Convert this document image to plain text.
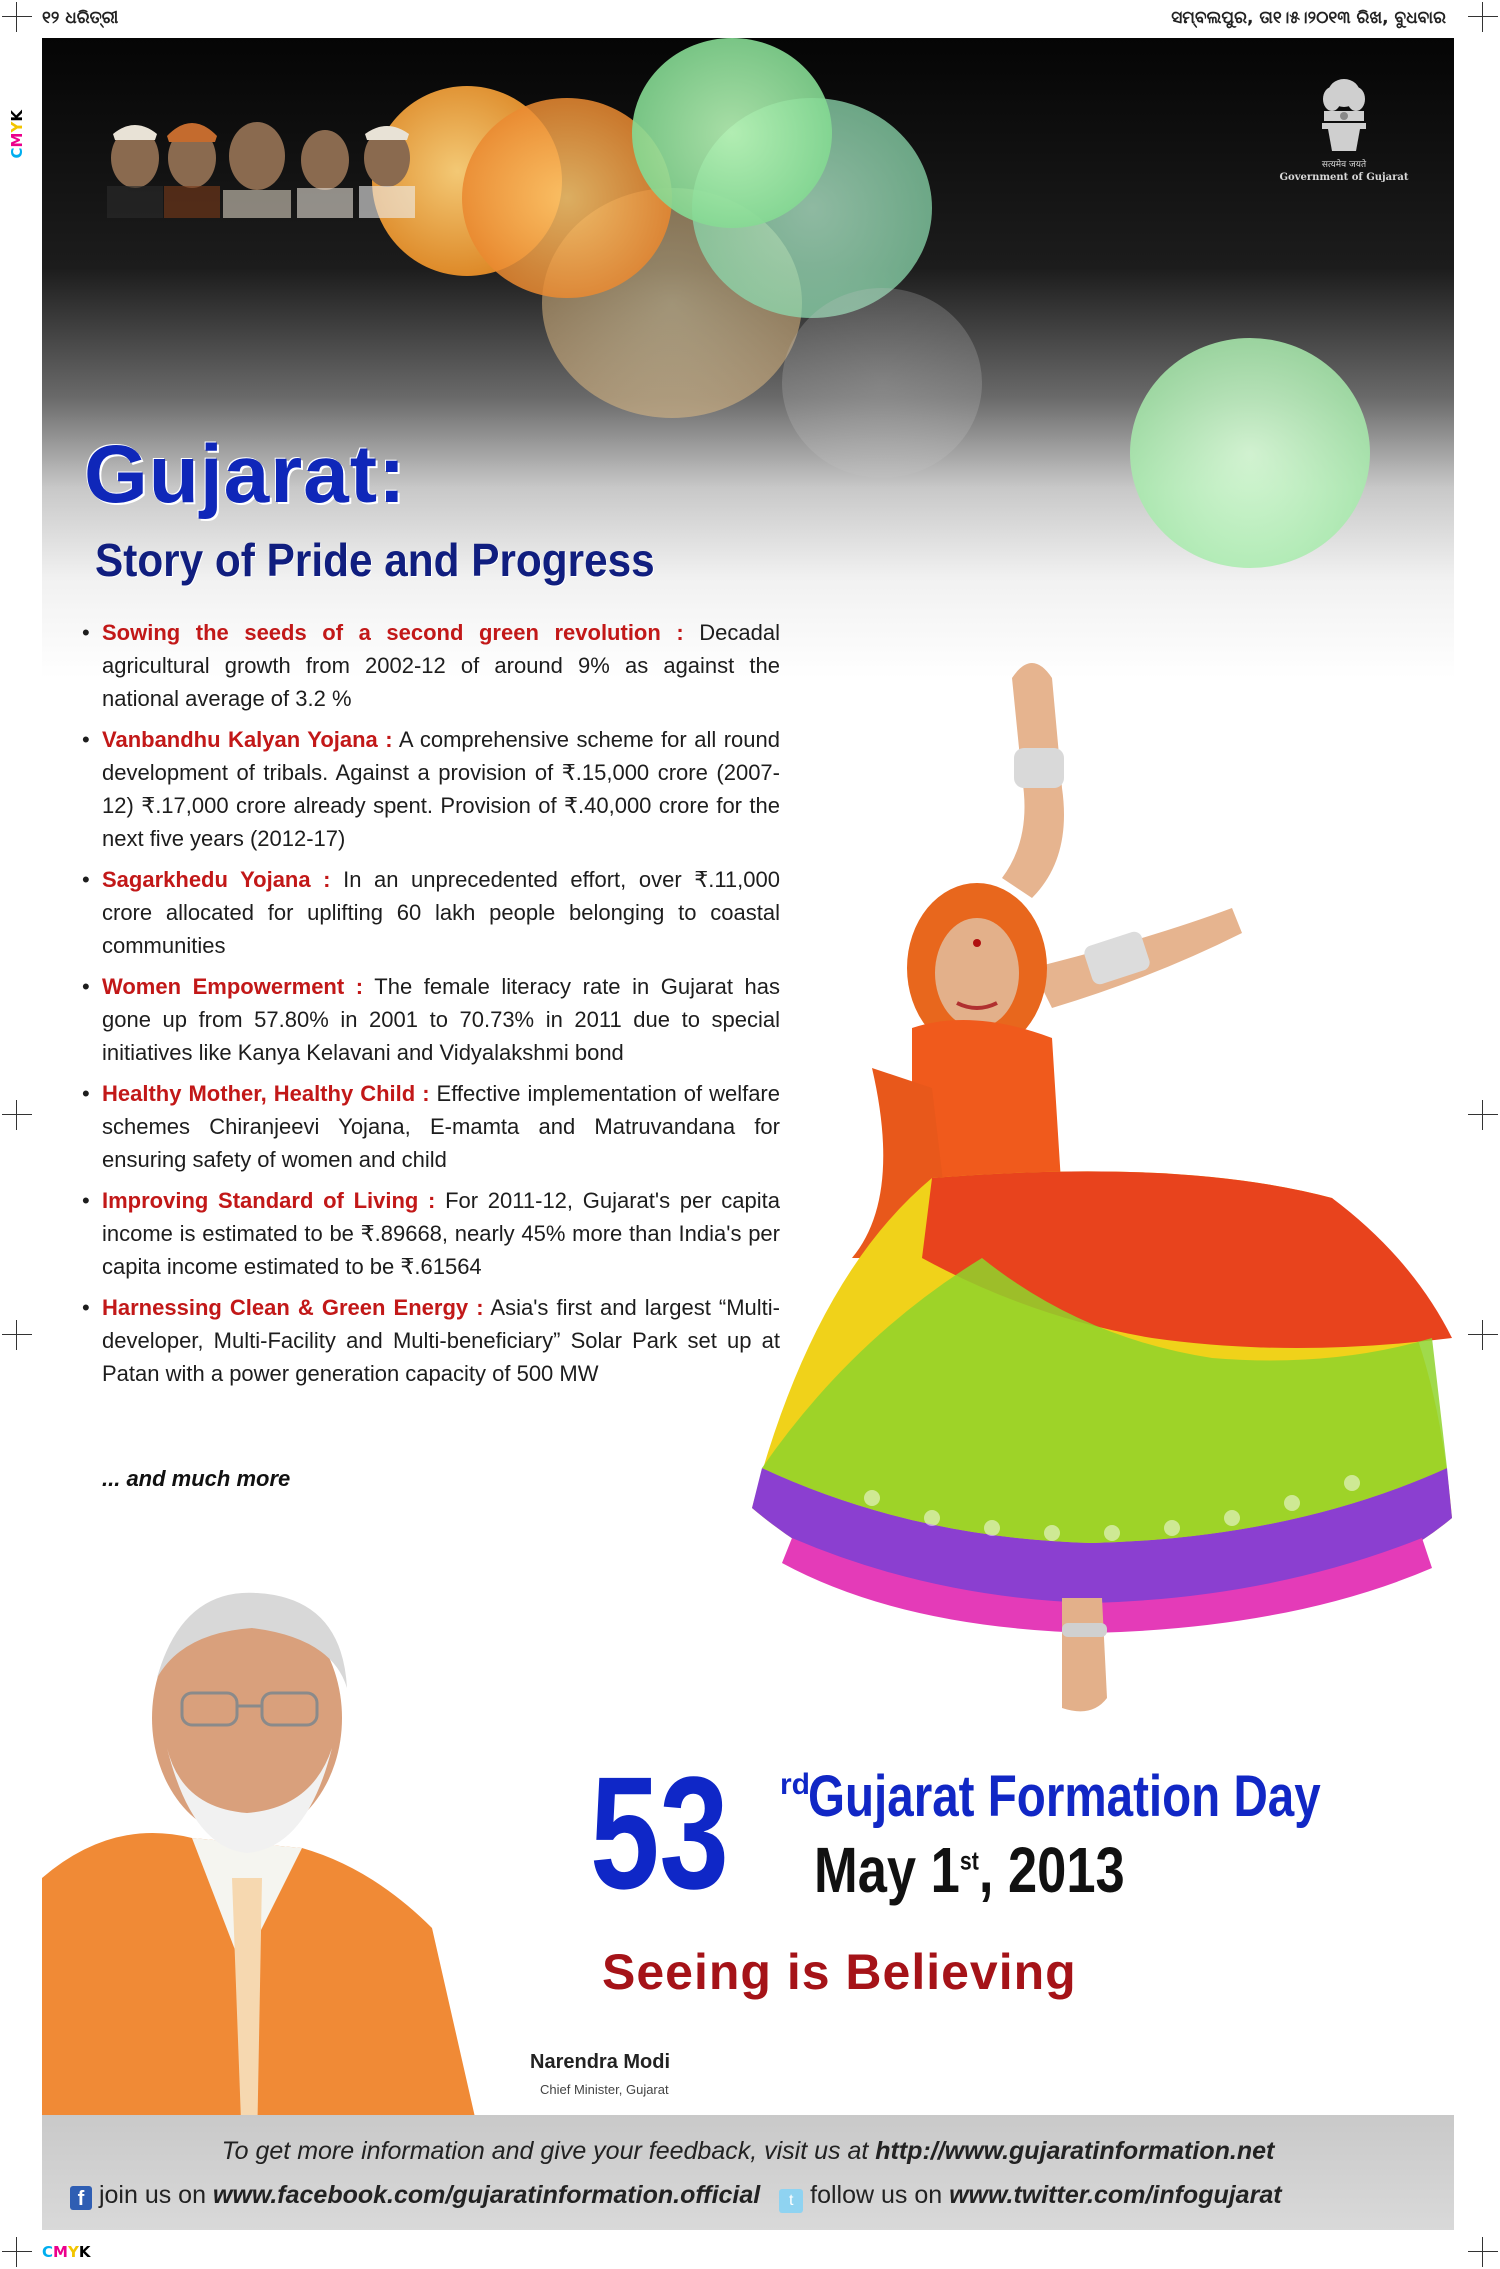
୧୨ ଧରିତ୍ରୀ	ସମ୍ବଲପୁର, ତା୧।୫।୨୦୧୩ ରିଖ, ବୁଧବାର
CMYK
CMYK
सत्यमेव जयते
Government of Gujarat
Gujarat:
Story of Pride and Progress
• Sowing the seeds of a second green revolution : Decadal agricultural growth from 2002-12 of around 9% as against the national average of 3.2 %
• Vanbandhu Kalyan Yojana : A comprehensive scheme for all round development of tribals. Against a provision of ₹.15,000 crore (2007-12) ₹.17,000 crore already spent. Provision of ₹.40,000 crore for the next five years (2012-17)
• Sagarkhedu Yojana : In an unprecedented effort, over ₹.11,000 crore allocated for uplifting 60 lakh people belonging to coastal communities
• Women Empowerment : The female literacy rate in Gujarat has gone up from 57.80% in 2001 to 70.73% in 2011 due to special initiatives like Kanya Kelavani and Vidyalakshmi bond
• Healthy Mother, Healthy Child : Effective implementation of welfare schemes Chiranjeevi Yojana, E-mamta and Matruvandana for ensuring safety of women and child
• Improving Standard of Living : For 2011-12, Gujarat's per capita income is estimated to be ₹.89668, nearly 45% more than India's per capita income estimated to be ₹.61564
• Harnessing Clean & Green Energy : Asia's first and largest “Multi-developer, Multi-Facility and Multi-beneficiary” Solar Park set up at Patan with a power generation capacity of 500 MW
... and much more
53 rd
Gujarat Formation Day
May 1st, 2013
Seeing is Believing
Narendra Modi
Chief Minister, Gujarat
To get more information and give your feedback, visit us at http://www.gujaratinformation.net
f join us on www.facebook.com/gujaratinformation.official t follow us on www.twitter.com/infogujarat
